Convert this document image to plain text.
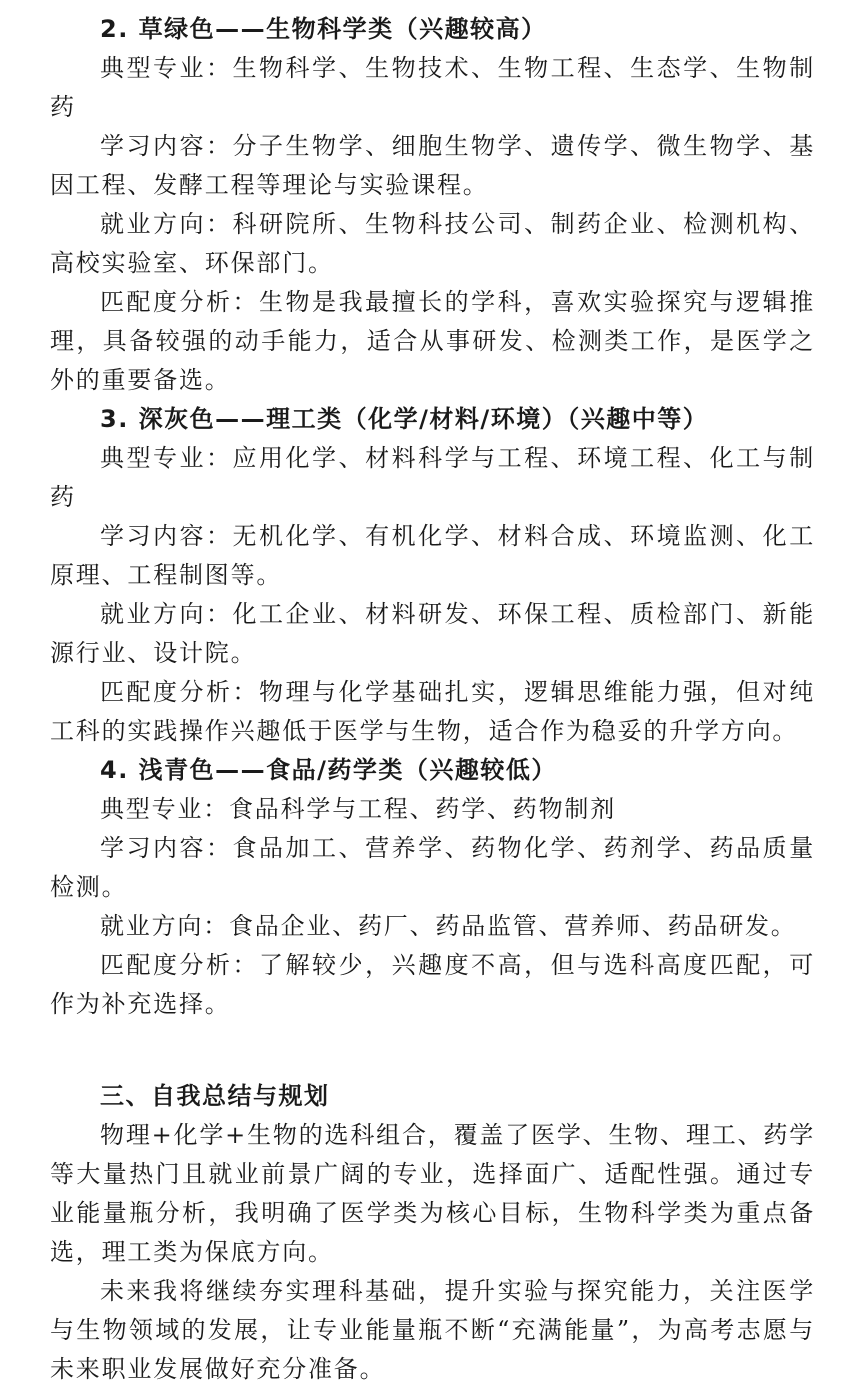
2. 草绿色——生物科学类（兴趣较高）

典型专业：生物科学、生物技术、生物工程、生态学、生物制药

学习内容：分子生物学、细胞生物学、遗传学、微生物学、基因工程、发酵工程等理论与实验课程。

就业方向：科研院所、生物科技公司、制药企业、检测机构、高校实验室、环保部门。

匹配度分析：生物是我最擅长的学科，喜欢实验探究与逻辑推理，具备较强的动手能力，适合从事研发、检测类工作，是医学之外的重要备选。

3. 深灰色——理工类（化学/材料/环境）（兴趣中等）

典型专业：应用化学、材料科学与工程、环境工程、化工与制药

学习内容：无机化学、有机化学、材料合成、环境监测、化工原理、工程制图等。

就业方向：化工企业、材料研发、环保工程、质检部门、新能源行业、设计院。

匹配度分析：物理与化学基础扎实，逻辑思维能力强，但对纯工科的实践操作兴趣低于医学与生物，适合作为稳妥的升学方向。

4. 浅青色——食品/药学类（兴趣较低）

典型专业：食品科学与工程、药学、药物制剂

学习内容：食品加工、营养学、药物化学、药剂学、药品质量检测。

就业方向：食品企业、药厂、药品监管、营养师、药品研发。

匹配度分析：了解较少，兴趣度不高，但与选科高度匹配，可作为补充选择。

三、自我总结与规划

物理+化学+生物的选科组合，覆盖了医学、生物、理工、药学等大量热门且就业前景广阔的专业，选择面广、适配性强。通过专业能量瓶分析，我明确了医学类为核心目标，生物科学类为重点备选，理工类为保底方向。

未来我将继续夯实理科基础，提升实验与探究能力，关注医学与生物领域的发展，让专业能量瓶不断“充满能量”，为高考志愿与未来职业发展做好充分准备。
